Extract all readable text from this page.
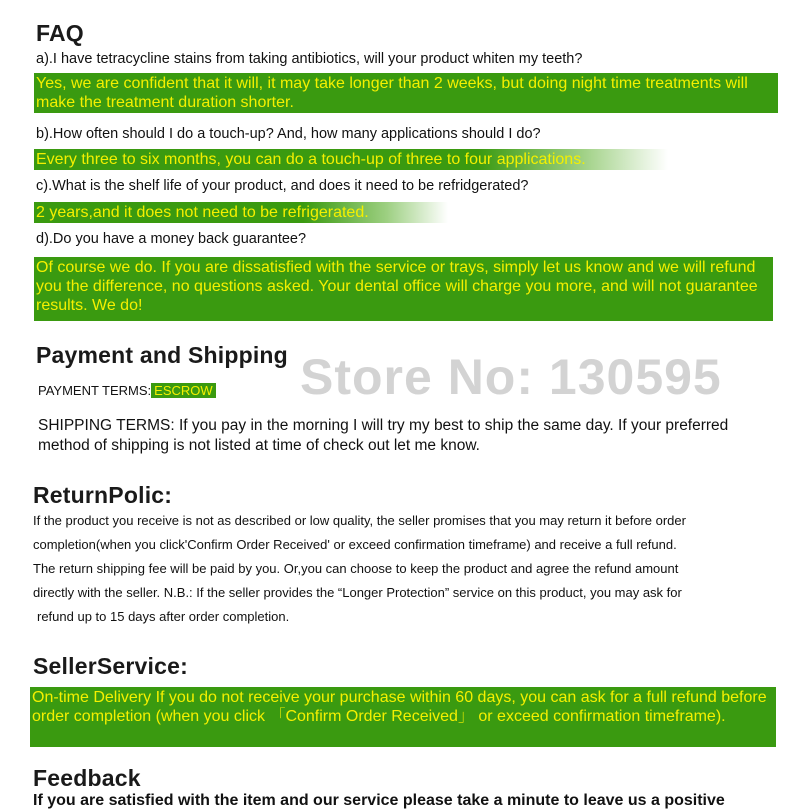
FAQ
a).I have tetracycline stains from taking antibiotics, will your product whiten my teeth?
Yes, we are confident that it will, it may take longer than 2 weeks, but doing night time treatments will make the treatment duration shorter.
b).How often should I do a touch-up? And, how many applications should I do?
Every three to six months, you can do a touch-up of three to four applications.
c).What is the shelf life of your product, and does it need to be refridgerated?
2 years,and it does not need to be refrigerated.
d).Do you have a money back guarantee?
Of course we do. If you are dissatisfied with the service or trays, simply let us know and we will refund you the difference, no questions asked. Your dental office will charge you more, and will not guarantee results. We do!
Payment and Shipping Store No: 130595
PAYMENT TERMS: ESCROW
SHIPPING TERMS: If you pay in the morning I will try my best to ship the same day. If your preferred method of shipping is not listed at time of check out let me know.
ReturnPolic:
If the product you receive is not as described or low quality, the seller promises that you may return it before order
completion(when you click'Confirm Order Received' or exceed confirmation timeframe) and receive a full refund.
The return shipping fee will be paid by you. Or,you can choose to keep the product and agree the refund amount
directly with the seller. N.B.: If the seller provides the “Longer Protection” service on this product, you may ask for
refund up to 15 days after order completion.
SellerService:
On-time Delivery If you do not receive your purchase within 60 days, you can ask for a full refund before order completion (when you click 「Confirm Order Received」 or exceed confirmation timeframe).
Feedback
If you are satisfied with the item and our service please take a minute to leave us a positive
